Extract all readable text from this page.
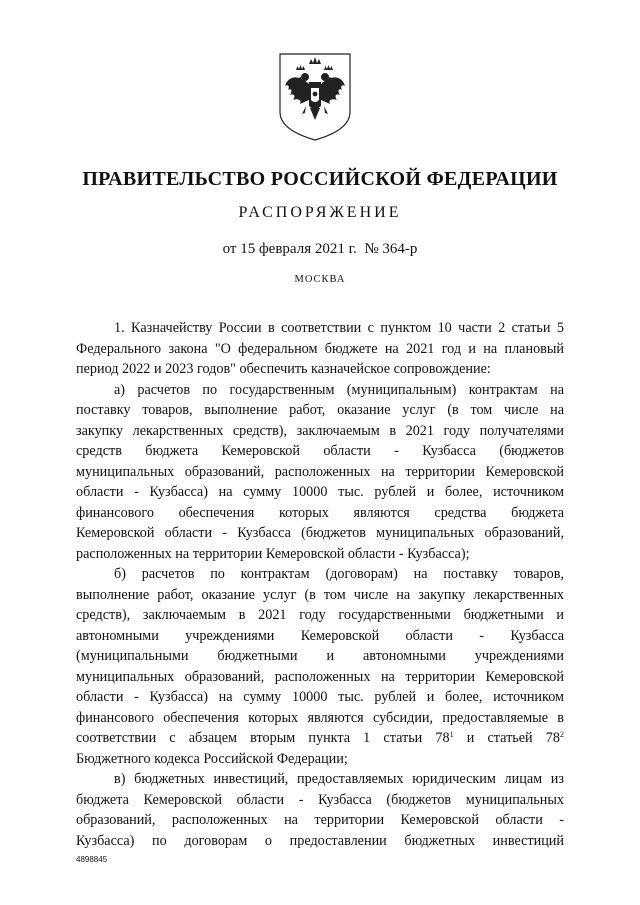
ПРАВИТЕЛЬСТВО РОССИЙСКОЙ ФЕДЕРАЦИИ
РАСПОРЯЖЕНИЕ
от 15 февраля 2021 г. № 364-р
МОСКВА

1. Казначейству России в соответствии с пунктом 10 части 2 статьи 5
Федерального закона "О федеральном бюджете на 2021 год и на плановый
период 2022 и 2023 годов" обеспечить казначейское сопровождение:

а) расчетов по государственным (муниципальным) контрактам на
поставку товаров, выполнение работ, оказание услуг (в том числе на
закупку лекарственных средств), заключаемым в 2021 году получателями
средств бюджета Кемеровской области - Кузбасса (бюджетов
муниципальных образований, расположенных на территории Кемеровской
области - Кузбасса) на сумму 10000 тыс. рублей и более, источником
финансового обеспечения которых являются средства бюджета
Кемеровской области - Кузбасса (бюджетов муниципальных образований,
расположенных на территории Кемеровской области - Кузбасса);

б) расчетов по контрактам (договорам) на поставку товаров,
выполнение работ, оказание услуг (в том числе на закупку лекарственных
средств), заключаемым в 2021 году государственными бюджетными и
автономными учреждениями Кемеровской области - Кузбасса
(муниципальными бюджетными и автономными учреждениями
муниципальных образований, расположенных на территории Кемеровской
области - Кузбасса) на сумму 10000 тыс. рублей и более, источником
финансового обеспечения которых являются субсидии, предоставляемые в
соответствии с абзацем вторым пункта 1 статьи $78^1$ и статьей $78^2$
Бюджетного кодекса Российской Федерации;

в) бюджетных инвестиций, предоставляемых юридическим лицам из
бюджета Кемеровской области - Кузбасса (бюджетов муниципальных
образований, расположенных на территории Кемеровской области -
Кузбасса) по договорам о предоставлении бюджетных инвестиций

4898845
